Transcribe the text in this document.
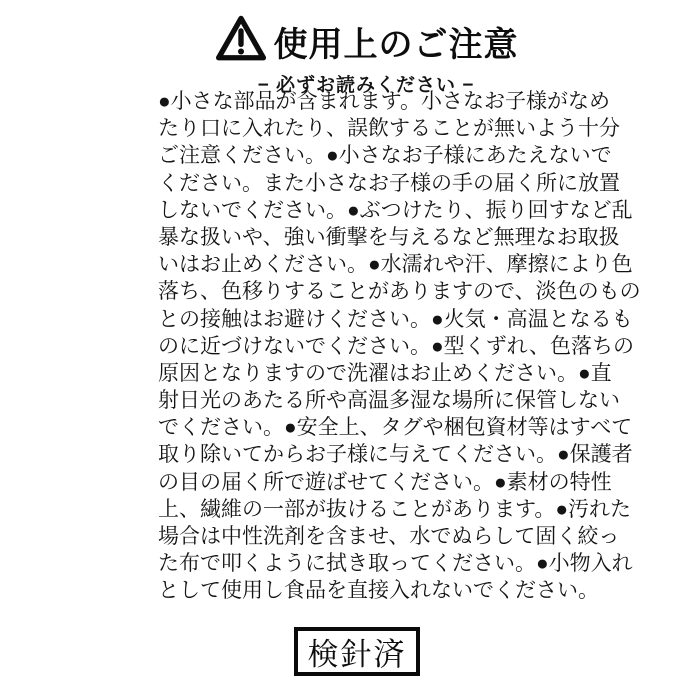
使用上のご注意
− 必ずお読みください −
●小さな部品が含まれます。小さなお子様がなめ
たり口に入れたり、誤飲することが無いよう十分
ご注意ください。●小さなお子様にあたえないで
ください。また小さなお子様の手の届く所に放置
しないでください。●ぶつけたり、振り回すなど乱
暴な扱いや、強い衝撃を与えるなど無理なお取扱
いはお止めください。●水濡れや汗、摩擦により色
落ち、色移りすることがありますので、淡色のもの
との接触はお避けください。●火気・高温となるも
のに近づけないでください。●型くずれ、色落ちの
原因となりますので洗濯はお止めください。●直
射日光のあたる所や高温多湿な場所に保管しない
でください。●安全上、タグや梱包資材等はすべて
取り除いてからお子様に与えてください。●保護者
の目の届く所で遊ばせてください。●素材の特性
上、繊維の一部が抜けることがあります。●汚れた
場合は中性洗剤を含ませ、水でぬらして固く絞っ
た布で叩くように拭き取ってください。●小物入れ
として使用し食品を直接入れないでください。
検針済
